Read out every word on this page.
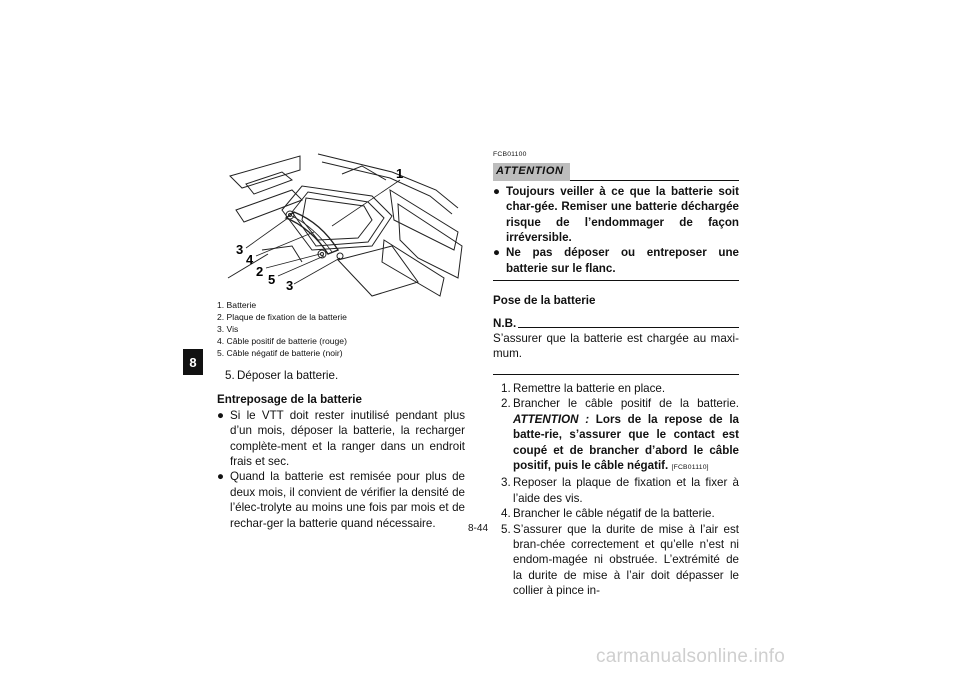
8
1
3
4
2
5 3
1. Batterie
2. Plaque de fixation de la batterie
3. Vis
4. Câble positif de batterie (rouge)
5. Câble négatif de batterie (noir)
5. Déposer la batterie.
Entreposage de la batterie
● Si le VTT doit rester inutilisé pendant plus d’un mois, déposer la batterie, la recharger complète-ment et la ranger dans un endroit frais et sec.
● Quand la batterie est remisée pour plus de deux mois, il convient de vérifier la densité de l’élec-trolyte au moins une fois par mois et de rechar-ger la batterie quand nécessaire.
FCB01100
ATTENTION
● Toujours veiller à ce que la batterie soit char-gée. Remiser une batterie déchargée risque de l’endommager de façon irréversible.
● Ne pas déposer ou entreposer une batterie sur le flanc.
Pose de la batterie
N.B.
S’assurer que la batterie est chargée au maxi-mum.
1. Remettre la batterie en place.
2. Brancher le câble positif de la batterie. ATTENTION : Lors de la repose de la batte-rie, s’assurer que le contact est coupé et de brancher d’abord le câble positif, puis le câble négatif. [FCB01110]
3. Reposer la plaque de fixation et la fixer à l’aide des vis.
4. Brancher le câble négatif de la batterie.
5. S’assurer que la durite de mise à l’air est bran-chée correctement et qu’elle n’est ni endom-magée ni obstruée. L’extrémité de la durite de mise à l’air doit dépasser le collier à pince in-
8-44
carmanualsonline.info
